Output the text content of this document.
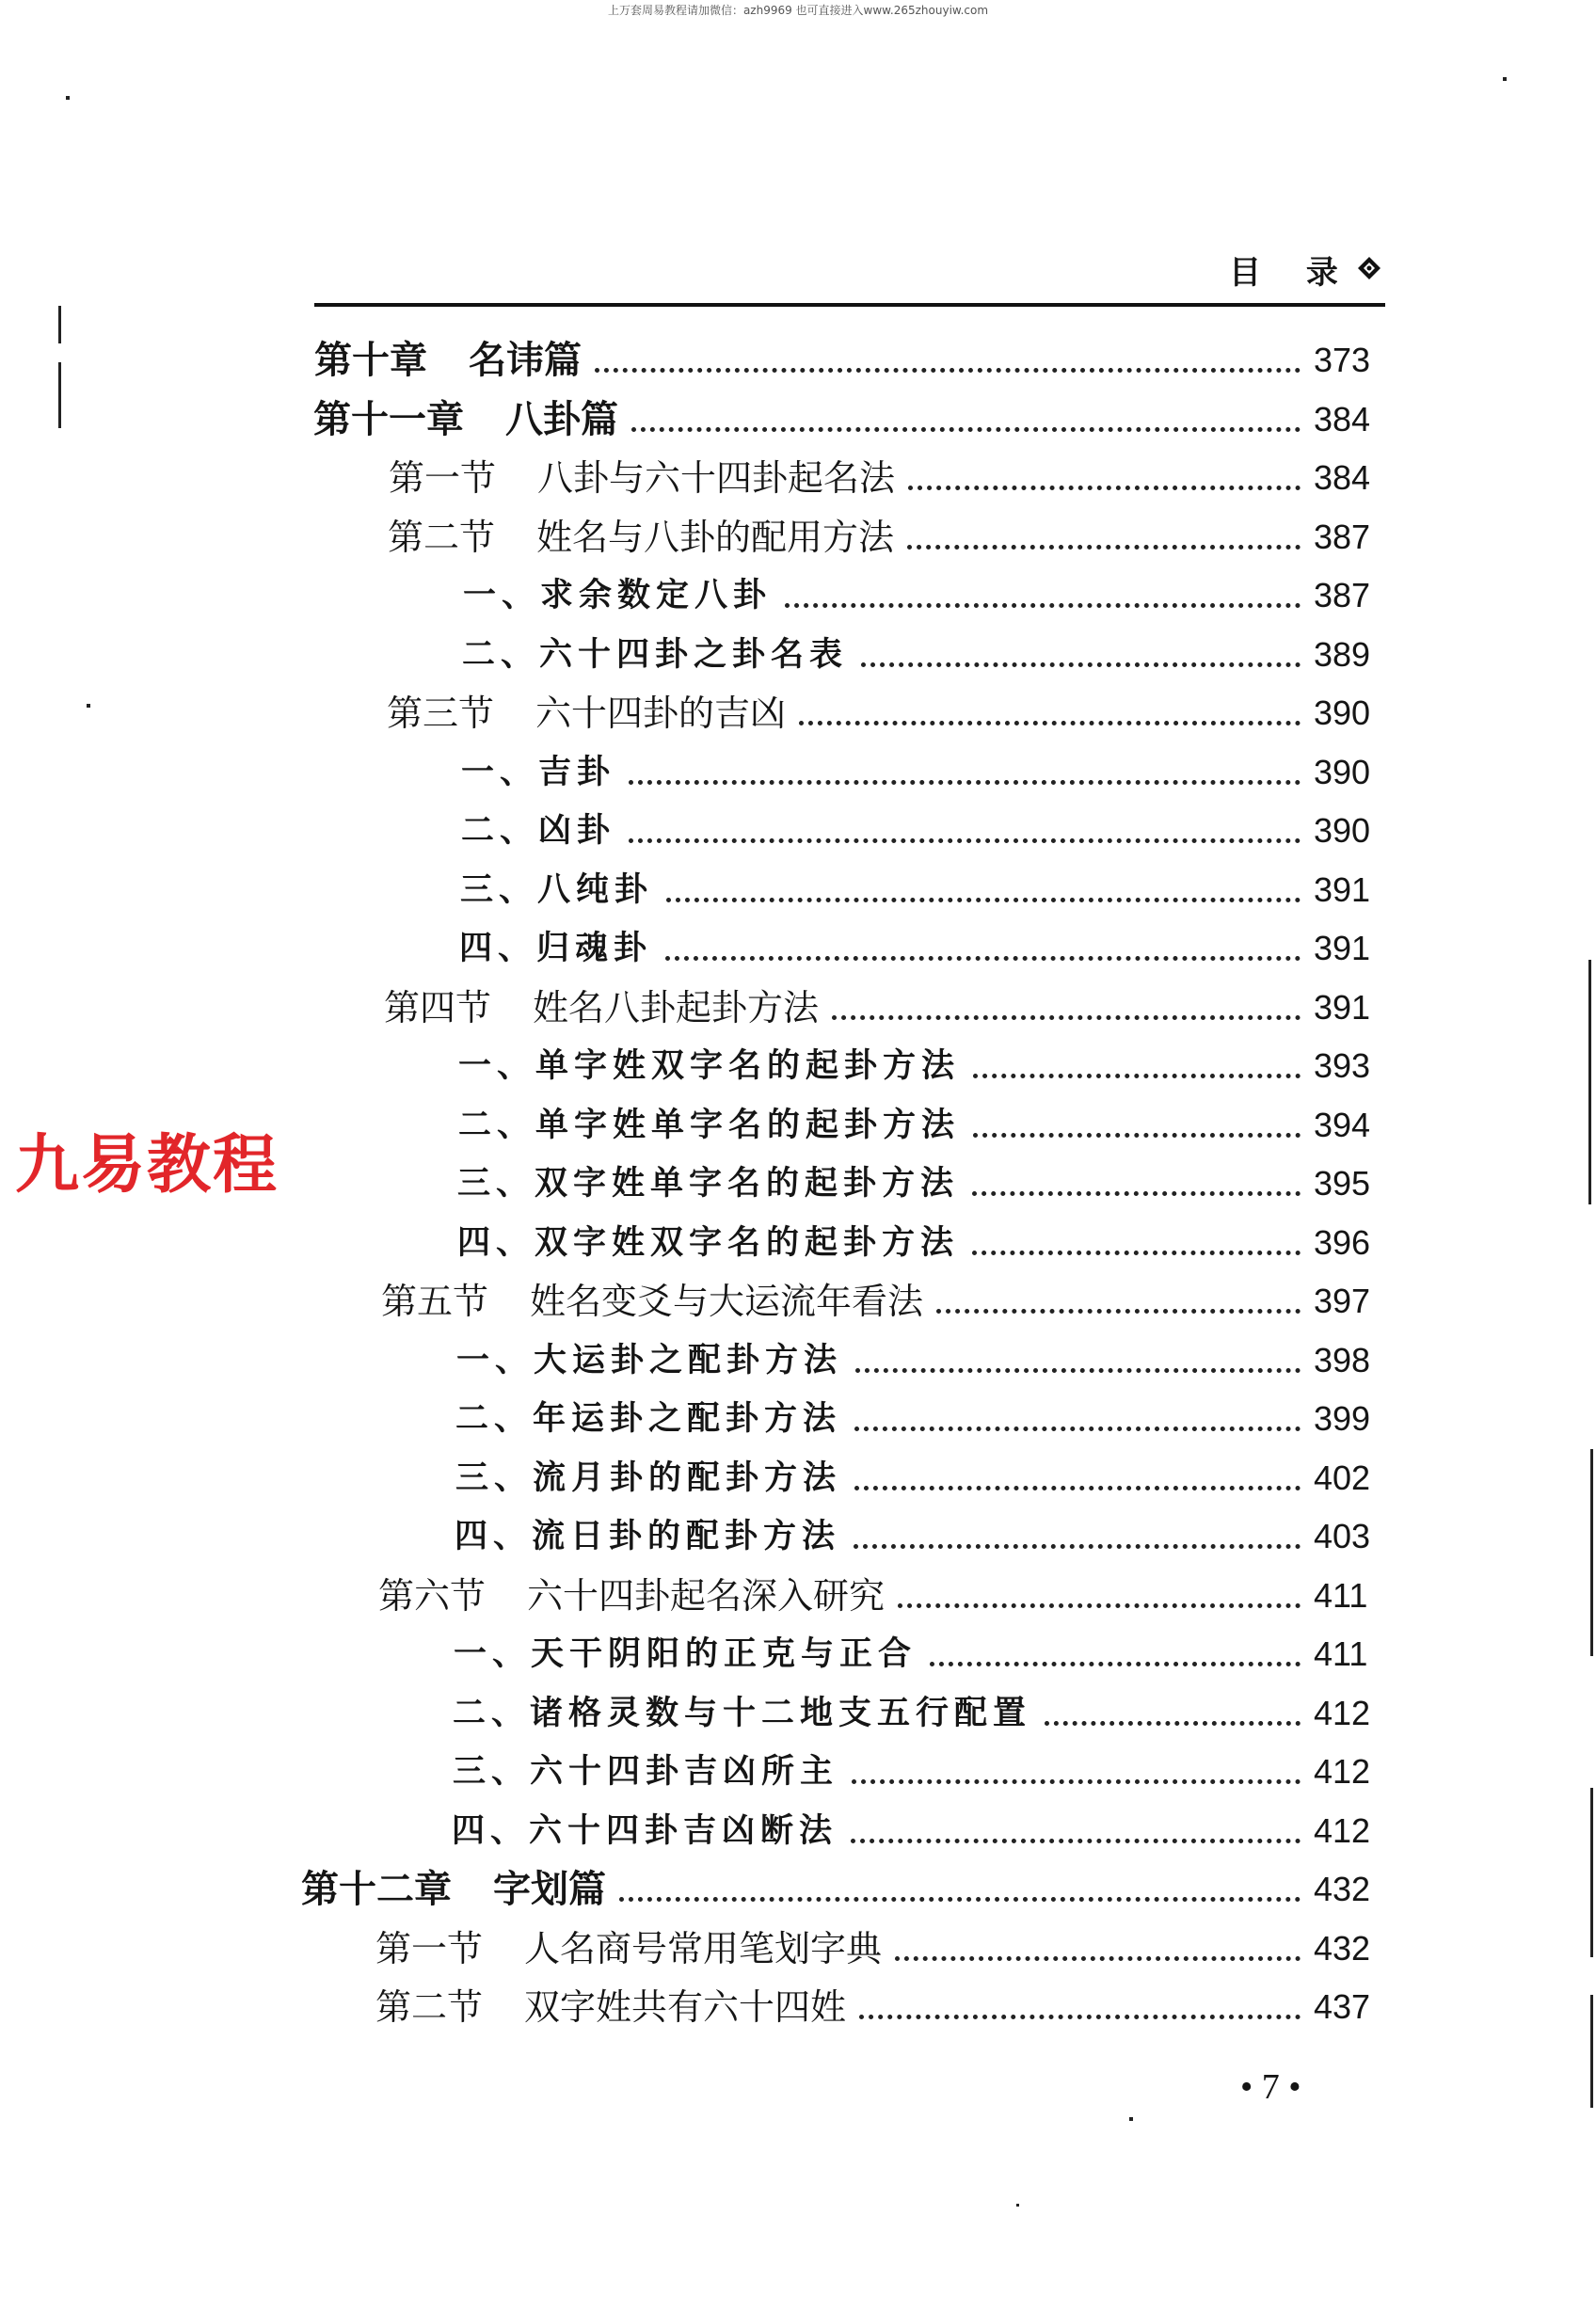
上万套周易教程请加微信：azh9969 也可直接进入www.265zhouyiw.com
目 录
第十章 名讳篇	373
第十一章 八卦篇	384
第一节 八卦与六十四卦起名法	384
第二节 姓名与八卦的配用方法	387
一、求余数定八卦	387
二、六十四卦之卦名表	389
第三节 六十四卦的吉凶	390
一、吉卦	390
二、凶卦	390
三、八纯卦	391
四、归魂卦	391
第四节 姓名八卦起卦方法	391
一、单字姓双字名的起卦方法	393
二、单字姓单字名的起卦方法	394
三、双字姓单字名的起卦方法	395
四、双字姓双字名的起卦方法	396
第五节 姓名变爻与大运流年看法	397
一、大运卦之配卦方法	398
二、年运卦之配卦方法	399
三、流月卦的配卦方法	402
四、流日卦的配卦方法	403
第六节 六十四卦起名深入研究	411
一、天干阴阳的正克与正合	411
二、诸格灵数与十二地支五行配置	412
三、六十四卦吉凶所主	412
四、六十四卦吉凶断法	412
第十二章 字划篇	432
第一节 人名商号常用笔划字典	432
第二节 双字姓共有六十四姓	437
九易教程
• 7 •
